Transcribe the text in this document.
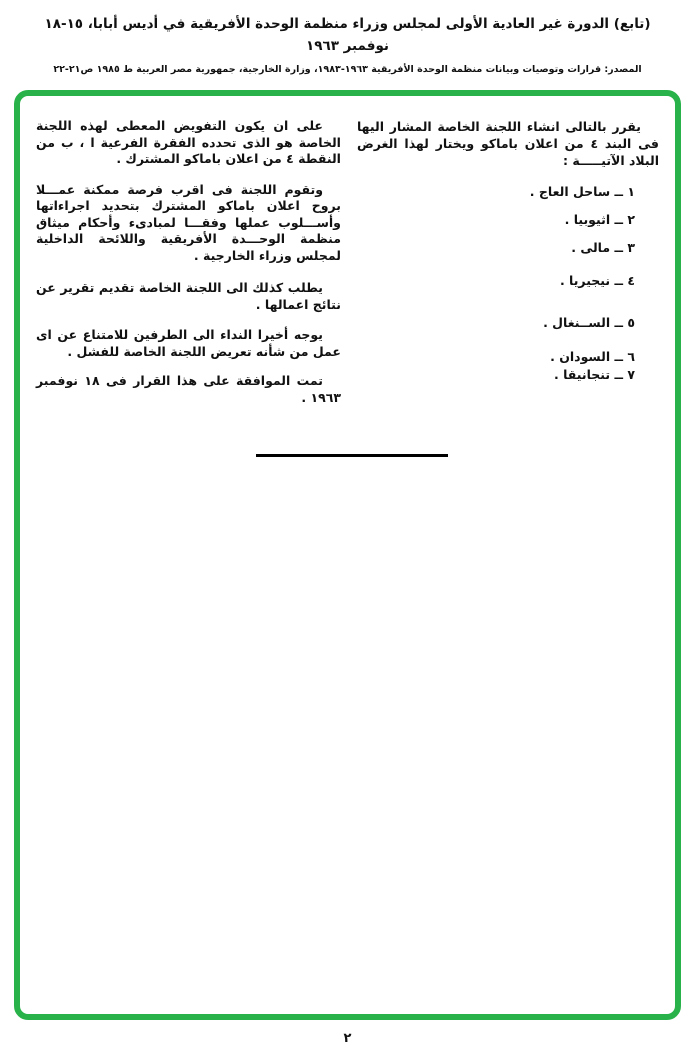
(تابع) الدورة غير العادية الأولى لمجلس وزراء منظمة الوحدة الأفريقية في أديس أبابا، ١٥-١٨ نوفمبر ١٩٦٣
المصدر: قرارات وتوصيات وبيانات منظمة الوحدة الأفريقية ١٩٦٣-١٩٨٣، وزارة الخارجية، جمهورية مصر العربية ط ١٩٨٥ ص٢١-٢٢
يقرر بالتالى انشاء اللجنة الخاصة المشار اليها فى البند ٤ من اعلان باماكو ويختار لهذا الغرض البلاد الآتيـــــة :
١ ــ ساحل العاج .
٢ ــ اثيوبيا .
٣ ــ مالى .
٤ ــ نيجيريا .
٥ ــ الســنغال .
٦ ــ السودان .
٧ ــ تنجانيقا .
على ان يكون التفويض المعطى لهذه اللجنة الخاصة هو الذى تحدده الفقرة الفرعية ا ، ب من النقطة ٤ من اعلان باماكو المشترك .
وتقوم اللجنة فى اقرب فرصة ممكنة عمـــلا بروح اعلان باماكو المشترك بتحديد اجراءاتها وأســـلوب عملها وفقـــا لمبادىء وأحكام ميثاق منظمة الوحـــدة الأفريقية واللائحة الداخلية لمجلس وزراء الخارجية .
يطلب كذلك الى اللجنة الخاصة تقديم تقرير عن نتائج اعمالها .
يوجه أخيرا النداء الى الطرفين للامتناع عن اى عمل من شأنه تعريض اللجنة الخاصة للفشل .
تمت الموافقة على هذا القرار فى ١٨ نوفمبر ١٩٦٣ .
٢
